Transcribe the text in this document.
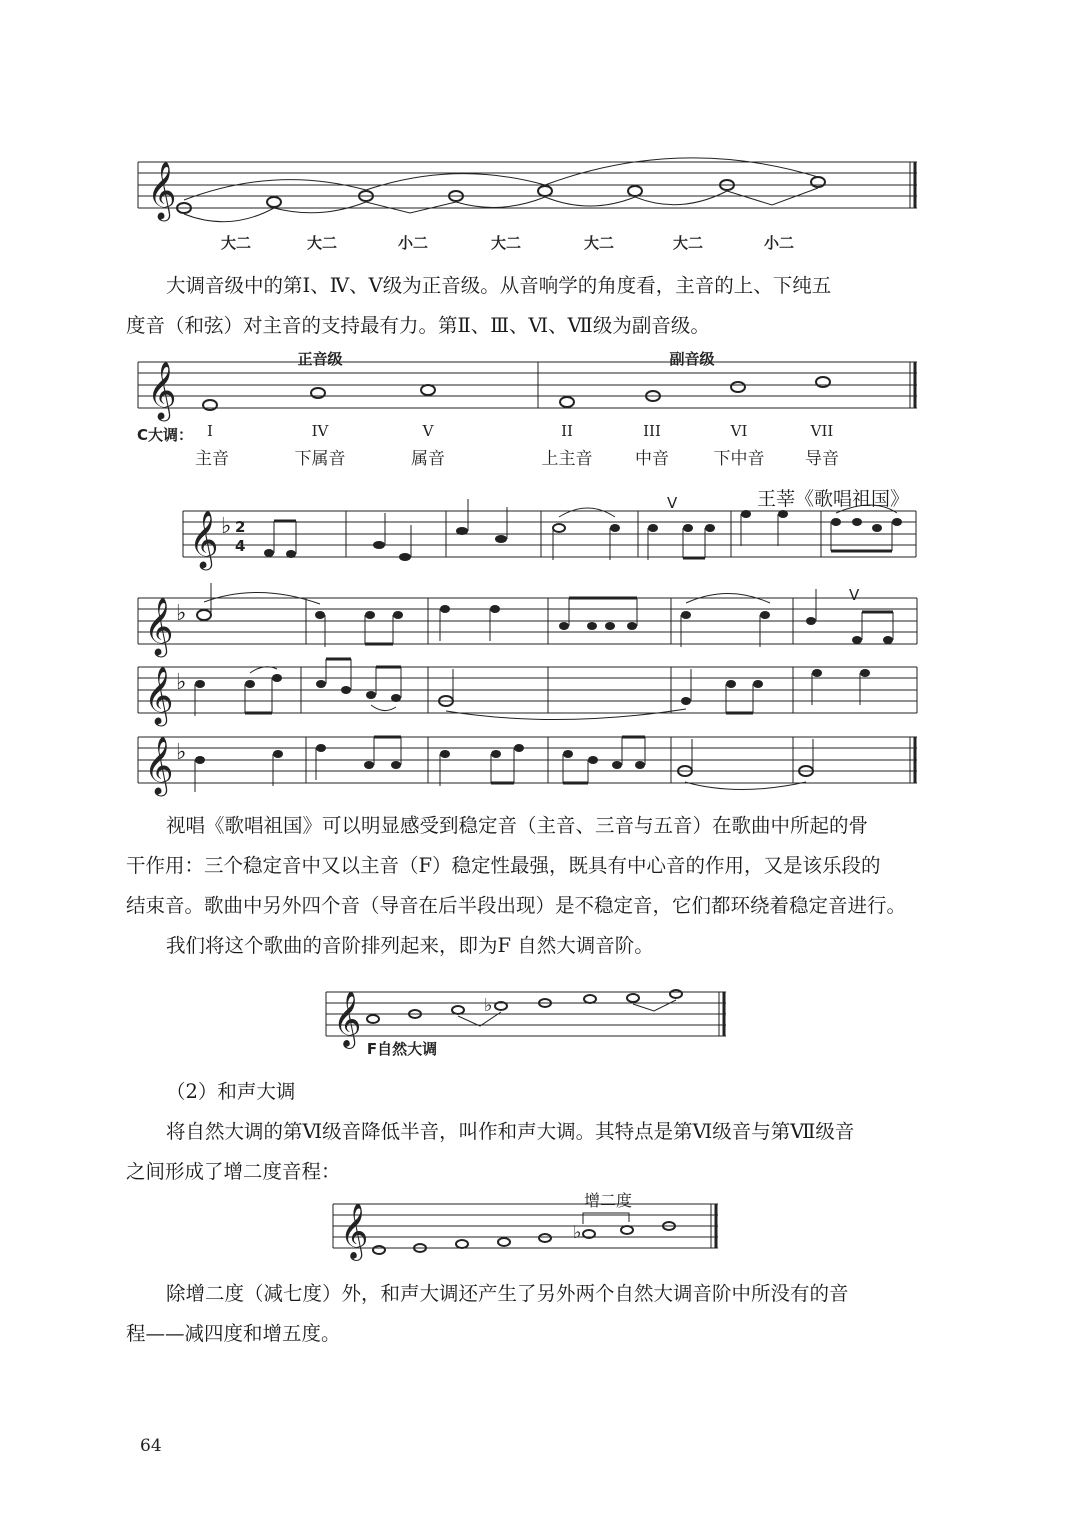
𝄞
大二	大二	小二	大二	大二	大二	小二
大调音级中的第Ⅰ、Ⅳ、Ⅴ级为正音级。从音响学的角度看，主音的上、下纯五
度音（和弦）对主音的支持最有力。第Ⅱ、Ⅲ、Ⅵ、Ⅶ级为副音级。
𝄞
正音级	副音级
C大调： I	IV	V	II	III	VI	VII
主音	下属音	属音	上主音	中音	下中音 导音
王莘《歌唱祖国》
𝄞 ♭ 2
4
V
𝄞 ♭
V
𝄞 ♭
𝄞 ♭
视唱《歌唱祖国》可以明显感受到稳定音（主音、三音与五音）在歌曲中所起的骨
干作用：三个稳定音中又以主音（F）稳定性最强，既具有中心音的作用，又是该乐段的
结束音。歌曲中另外四个音（导音在后半段出现）是不稳定音，它们都环绕着稳定音进行。
我们将这个歌曲的音阶排列起来，即为F 自然大调音阶。
𝄞	♭
F自然大调
（2）和声大调
将自然大调的第Ⅵ级音降低半音，叫作和声大调。其特点是第Ⅵ级音与第Ⅶ级音
之间形成了增二度音程：
𝄞	♭
增二度
除增二度（减七度）外，和声大调还产生了另外两个自然大调音阶中所没有的音
程——减四度和增五度。
64
